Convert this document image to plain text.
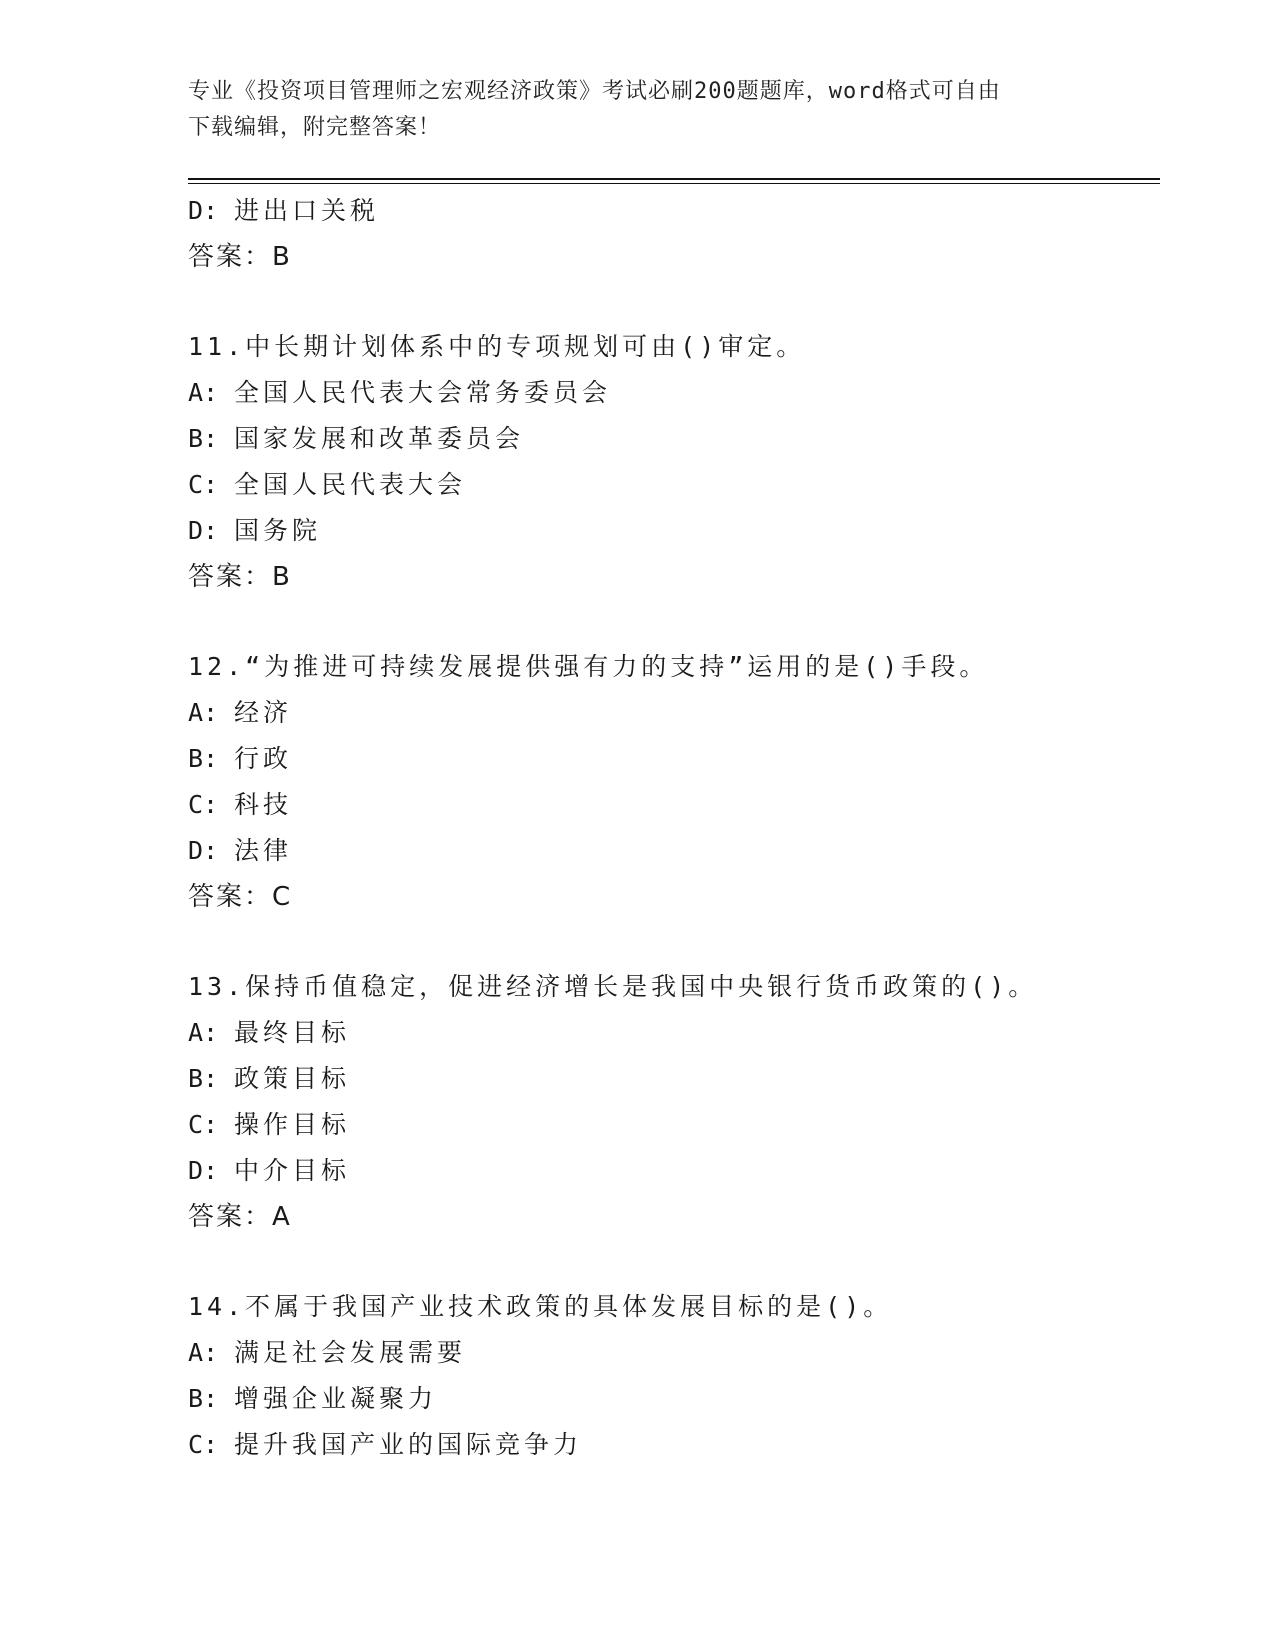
专业《投资项目管理师之宏观经济政策》考试必刷200题题库，word格式可自由
下载编辑，附完整答案！
D: 进出口关税
答案：B
11.中长期计划体系中的专项规划可由()审定。
A: 全国人民代表大会常务委员会
B: 国家发展和改革委员会
C: 全国人民代表大会
D: 国务院
答案：B
12.“为推进可持续发展提供强有力的支持”运用的是()手段。
A: 经济
B: 行政
C: 科技
D: 法律
答案：C
13.保持币值稳定，促进经济增长是我国中央银行货币政策的()。
A: 最终目标
B: 政策目标
C: 操作目标
D: 中介目标
答案：A
14.不属于我国产业技术政策的具体发展目标的是()。
A: 满足社会发展需要
B: 增强企业凝聚力
C: 提升我国产业的国际竞争力
